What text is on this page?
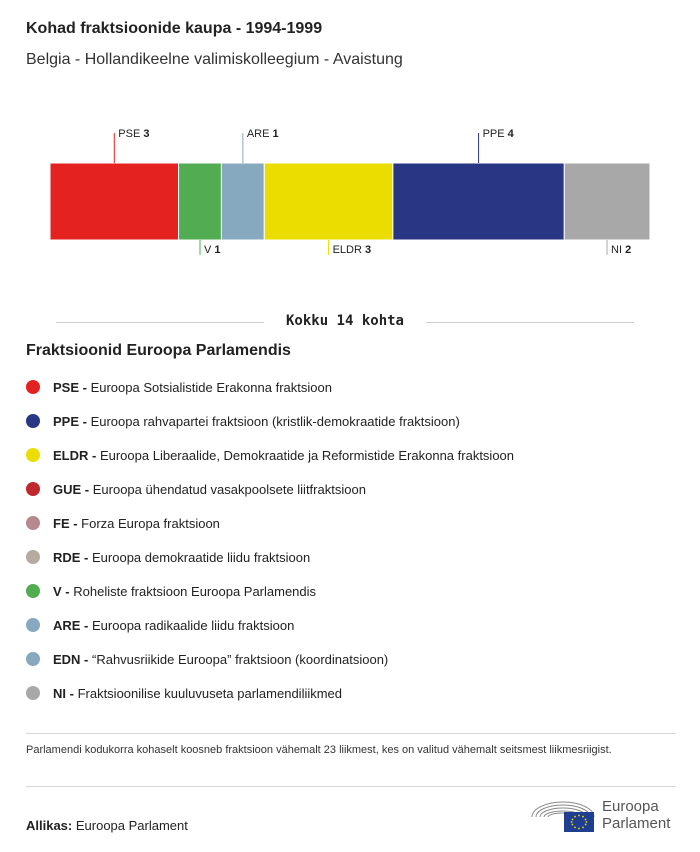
Kohad fraktsioonide kaupa - 1994-1999
Belgia - Hollandikeelne valimiskolleegium - Avaistung
PSE 3
V 1
ARE 1
ELDR 3
PPE 4
NI 2
Kokku 14 kohta
Fraktsioonid Euroopa Parlamendis
PSE - Euroopa Sotsialistide Erakonna fraktsioon
PPE - Euroopa rahvapartei fraktsioon (kristlik-demokraatide fraktsioon)
ELDR - Euroopa Liberaalide, Demokraatide ja Reformistide Erakonna fraktsioon
GUE - Euroopa ühendatud vasakpoolsete liitfraktsioon
FE - Forza Europa fraktsioon
RDE - Euroopa demokraatide liidu fraktsioon
V - Roheliste fraktsioon Euroopa Parlamendis
ARE - Euroopa radikaalide liidu fraktsioon
EDN - “Rahvusriikide Euroopa” fraktsioon (koordinatsioon)
NI - Fraktsioonilise kuuluvuseta parlamendiliikmed
Parlamendi kodukorra kohaselt koosneb fraktsioon vähemalt 23 liikmest, kes on valitud vähemalt seitsmest liikmesriigist.
Allikas: Euroopa Parlament
Euroopa
Parlament
